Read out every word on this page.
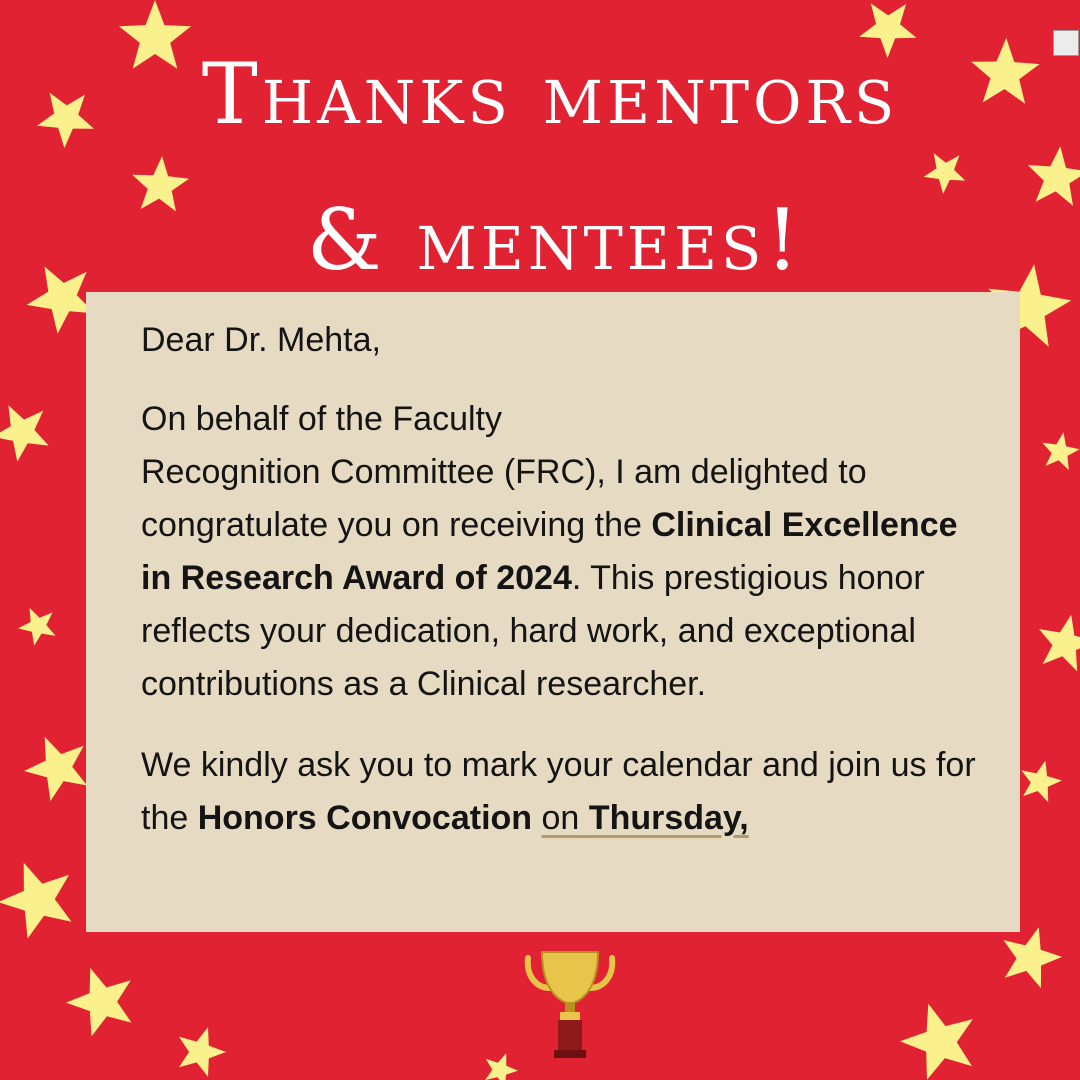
Thanks mentors
& mentees!

Dear Dr. Mehta,

On behalf of the Faculty
Recognition Committee (FRC), I am delighted to congratulate you on receiving the Clinical Excellence in Research Award of 2024. This prestigious honor reflects your dedication, hard work, and exceptional contributions as a Clinical researcher.

We kindly ask you to mark your calendar and join us for the Honors Convocation on Thursday,
